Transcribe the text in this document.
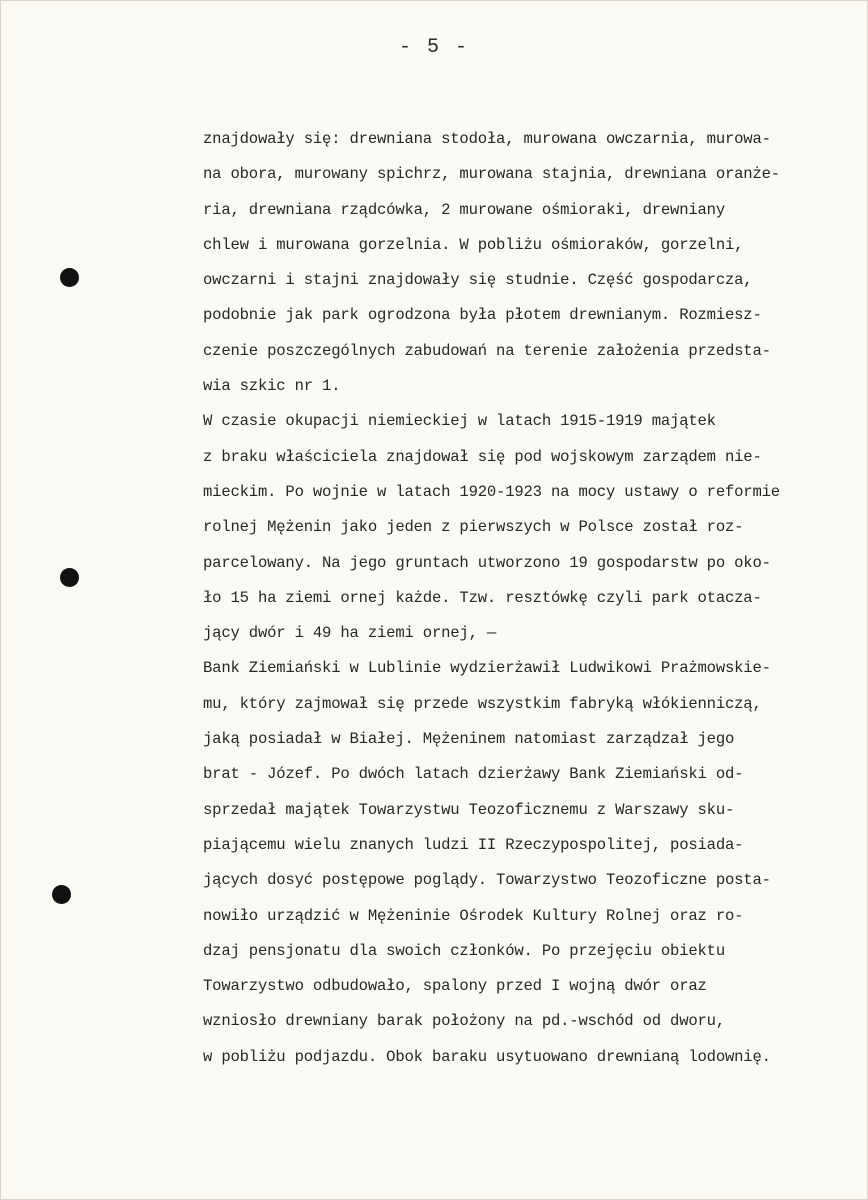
- 5 -
znajdowały się: drewniana stodoła, murowana owczarnia, murowa-
na obora, murowany spichrz, murowana stajnia, drewniana oranże-
ria, drewniana rządcówka, 2 murowane ośmioraki, drewniany
chlew i murowana gorzelnia. W pobliżu ośmioraków, gorzelni,
owczarni i stajni znajdowały się studnie. Część gospodarcza,
podobnie jak park ogrodzona była płotem drewnianym. Rozmiesz-
czenie poszczególnych zabudowań na terenie założenia przedsta-
wia szkic nr 1.
W czasie okupacji niemieckiej w latach 1915-1919 majątek
z braku właściciela znajdował się pod wojskowym zarządem nie-
mieckim. Po wojnie w latach 1920-1923 na mocy ustawy o reformie
rolnej Mężenin jako jeden z pierwszych w Polsce został roz-
parcelowany. Na jego gruntach utworzono 19 gospodarstw po oko-
ło 15 ha ziemi ornej każde. Tzw. resztówkę czyli park otacza-
jący dwór i 49 ha ziemi ornej, —
Bank Ziemiański w Lublinie wydzierżawił Ludwikowi Prażmowskie-
mu, który zajmował się przede wszystkim fabryką włókienniczą,
jaką posiadał w Białej. Mężeninem natomiast zarządzał jego
brat - Józef. Po dwóch latach dzierżawy Bank Ziemiański od-
sprzedał majątek Towarzystwu Teozoficznemu z Warszawy sku-
piającemu wielu znanych ludzi II Rzeczypospolitej, posiada-
jących dosyć postępowe poglądy. Towarzystwo Teozoficzne posta-
nowiło urządzić w Mężeninie Ośrodek Kultury Rolnej oraz ro-
dzaj pensjonatu dla swoich członków. Po przejęciu obiektu
Towarzystwo odbudowało, spalony przed I wojną dwór oraz
wzniosło drewniany barak położony na pd.-wschód od dworu,
w pobliżu podjazdu. Obok baraku usytuowano drewnianą lodownię.
